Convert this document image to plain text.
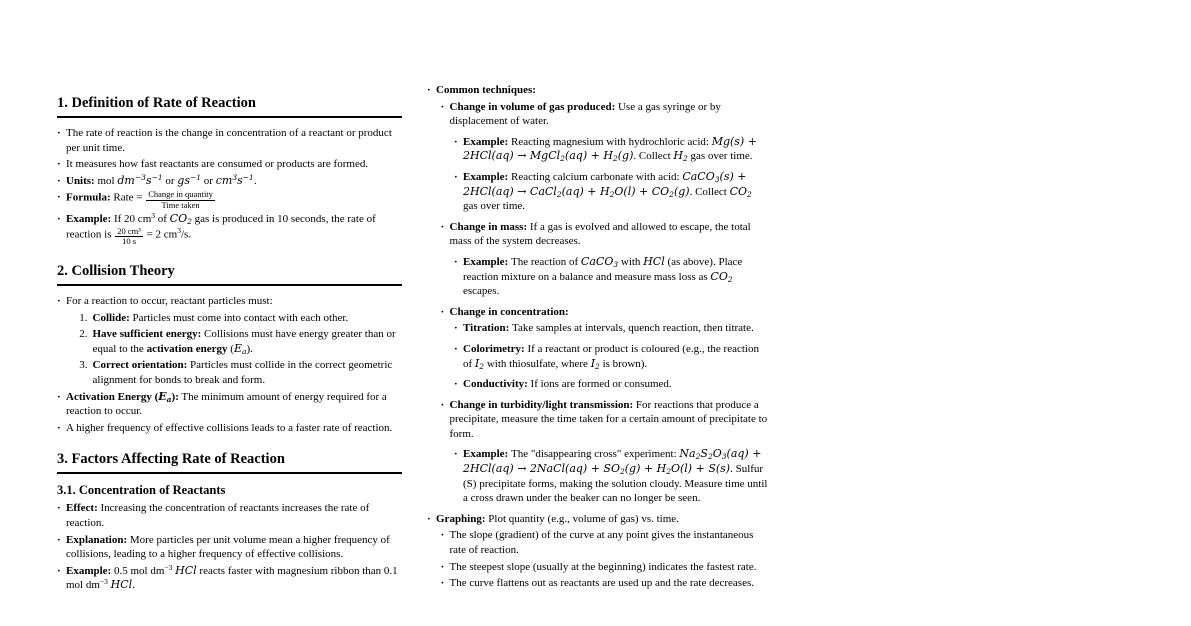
1. Definition of Rate of Reaction
· The rate of reaction is the change in concentration of a reactant or product per unit time.
· It measures how fast reactants are consumed or products are formed.
· Units: mol $dm^{-3}s^{-1}$ or $gs^{-1}$ or $cm^3s^{-1}$.
· Formula: Rate = $\frac{\text{Change in quantity}}{\text{Time taken}}$
· Example: If 20 $cm^3$ of $CO_2$ gas is produced in 10 seconds, the rate of reaction is $\frac{\text{20 cm³}}{10 s} = 2$ $cm^3/s$.
2. Collision Theory
· For a reaction to occur, reactant particles must:
1. Collide: Particles must come into contact with each other.
2. Have sufficient energy: Collisions must have energy greater than or equal to the activation energy $(E_a)$.
3. Correct orientation: Particles must collide in the correct geometric alignment for bonds to break and form.
· Activation Energy $(E_a)$: The minimum amount of energy required for a reaction to occur.
· A higher frequency of effective collisions leads to a faster rate of reaction.
3. Factors Affecting Rate of Reaction
3.1. Concentration of Reactants
· Effect: Increasing the concentration of reactants increases the rate of reaction.
· Explanation: More particles per unit volume mean a higher frequency of collisions, leading to a higher frequency of effective collisions.
· Example: 0.5 mol $dm^{-3}$ HCl reacts faster with magnesium ribbon than 0.1 mol $dm^{-3}$ HCl.
· Common techniques:
· Change in volume of gas produced: Use a gas syringe or by displacement of water.
· Example: Reacting magnesium with hydrochloric acid: Mg(s) + 2HCl(aq) → MgCl$_2$(aq) + $H_2(g)$. Collect $H_2$ gas over time.
· Example: Reacting calcium carbonate with acid: CaCO$_3$(s) + 2HCl(aq) → CaCl$_2$(aq) + $H_2O(l) + CO_2(g)$. Collect $CO_2$ gas over time.
· Change in mass: If a gas is evolved and allowed to escape, the total mass of the system decreases.
· Example: The reaction of CaCO$_3$ with HCl (as above). Place reaction mixture on a balance and measure mass loss as $CO_2$ escapes.
· Change in concentration:
· Titration: Take samples at intervals, quench reaction, then titrate.
· Colorimetry: If a reactant or product is coloured (e.g., the reaction of $I_2$ with thiosulfate, where $I_2$ is brown).
· Conductivity: If ions are formed or consumed.
· Change in turbidity/light transmission: For reactions that produce a precipitate, measure the time taken for a certain amount of precipitate to form.
· Example: The "disappearing cross" experiment: $Na_2S_2O_3(aq) + 2HCl(aq)$ → 2NaCl(aq) + $SO_2(g) + H_2O(l) + S(s)$. Sulfur (S) precipitate forms, making the solution cloudy. Measure time until a cross drawn under the beaker can no longer be seen.
· Graphing: Plot quantity (e.g., volume of gas) vs. time.
· The slope (gradient) of the curve at any point gives the instantaneous rate of reaction.
· The steepest slope (usually at the beginning) indicates the fastest rate.
· The curve flattens out as reactants are used up and the rate decreases.
